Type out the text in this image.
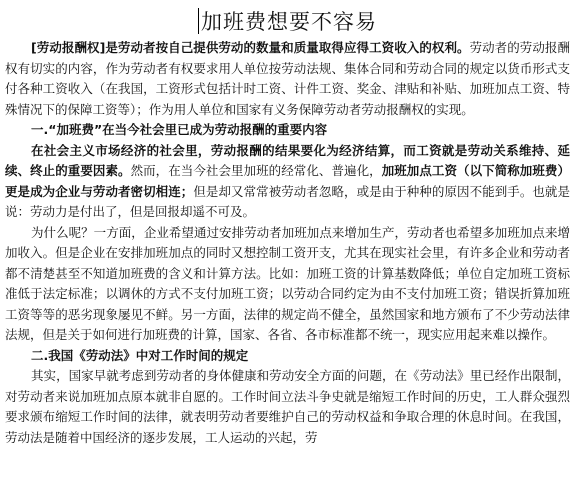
加班费想要不容易

[劳动报酬权]是劳动者按自己提供劳动的数量和质量取得应得工资收入的权利。劳动者的劳动报酬权有切实的内容，作为劳动者有权要求用人单位按劳动法规、集体合同和劳动合同的规定以货币形式支付各种工资收入（在我国，工资形式包括计时工资、计件工资、奖金、津贴和补贴、加班加点工资、特殊情况下的保障工资等）；作为用人单位和国家有义务保障劳动者劳动报酬权的实现。

一.“加班费”在当今社会里已成为劳动报酬的重要内容

在社会主义市场经济的社会里，劳动报酬的结果要化为经济结算，而工资就是劳动关系维持、延续、终止的重要因素。然而，在当今社会里加班的经常化、普遍化，加班加点工资（以下简称加班费）更是成为企业与劳动者密切相连；但是却又常常被劳动者忽略，或是由于种种的原因不能到手。也就是说：劳动力是付出了，但是回报却遥不可及。

为什么呢？一方面，企业希望通过安排劳动者加班加点来增加生产，劳动者也希望多加班加点来增加收入。但是企业在安排加班加点的同时又想控制工资开支，尤其在现实社会里，有许多企业和劳动者都不清楚甚至不知道加班费的含义和计算方法。比如：加班工资的计算基数降低；单位自定加班工资标准低于法定标准；以调休的方式不支付加班工资；以劳动合同约定为由不支付加班工资；错误折算加班工资等等的恶劣现象屡见不鲜。另一方面，法律的规定尚不健全，虽然国家和地方颁布了不少劳动法律法规，但是关于如何进行加班费的计算，国家、各省、各市标准都不统一，现实应用起来难以操作。

二.我国《劳动法》中对工作时间的规定

其实，国家早就考虑到劳动者的身体健康和劳动安全方面的问题，在《劳动法》里已经作出限制，对劳动者来说加班加点原本就非自愿的。工作时间立法斗争史就是缩短工作时间的历史，工人群众强烈要求颁布缩短工作时间的法律，就表明劳动者要维护自己的劳动权益和争取合理的休息时间。在我国，劳动法是随着中国经济的逐步发展，工人运动的兴起，劳
